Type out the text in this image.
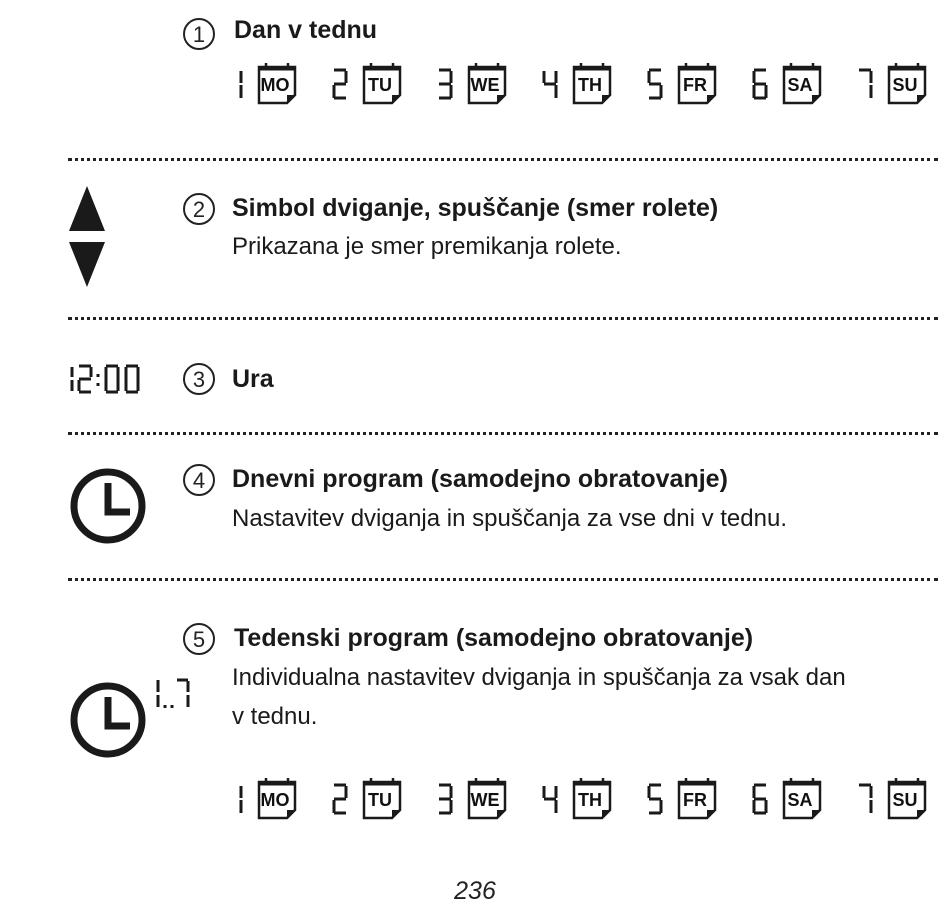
1	Dan v tednu
MO	TU	WE	TH	FR	SA	SU
2	Simbol dviganje, spuščanje (smer rolete)
Prikazana je smer premikanja rolete.
3	Ura
4	Dnevni program (samodejno obratovanje)
Nastavitev dviganja in spuščanja za vse dni v tednu.
5	Tedenski program (samodejno obratovanje)
Individualna nastavitev dviganja in spuščanja za vsak dan
v tednu.
MO	TU	WE	TH	FR	SA	SU
236
